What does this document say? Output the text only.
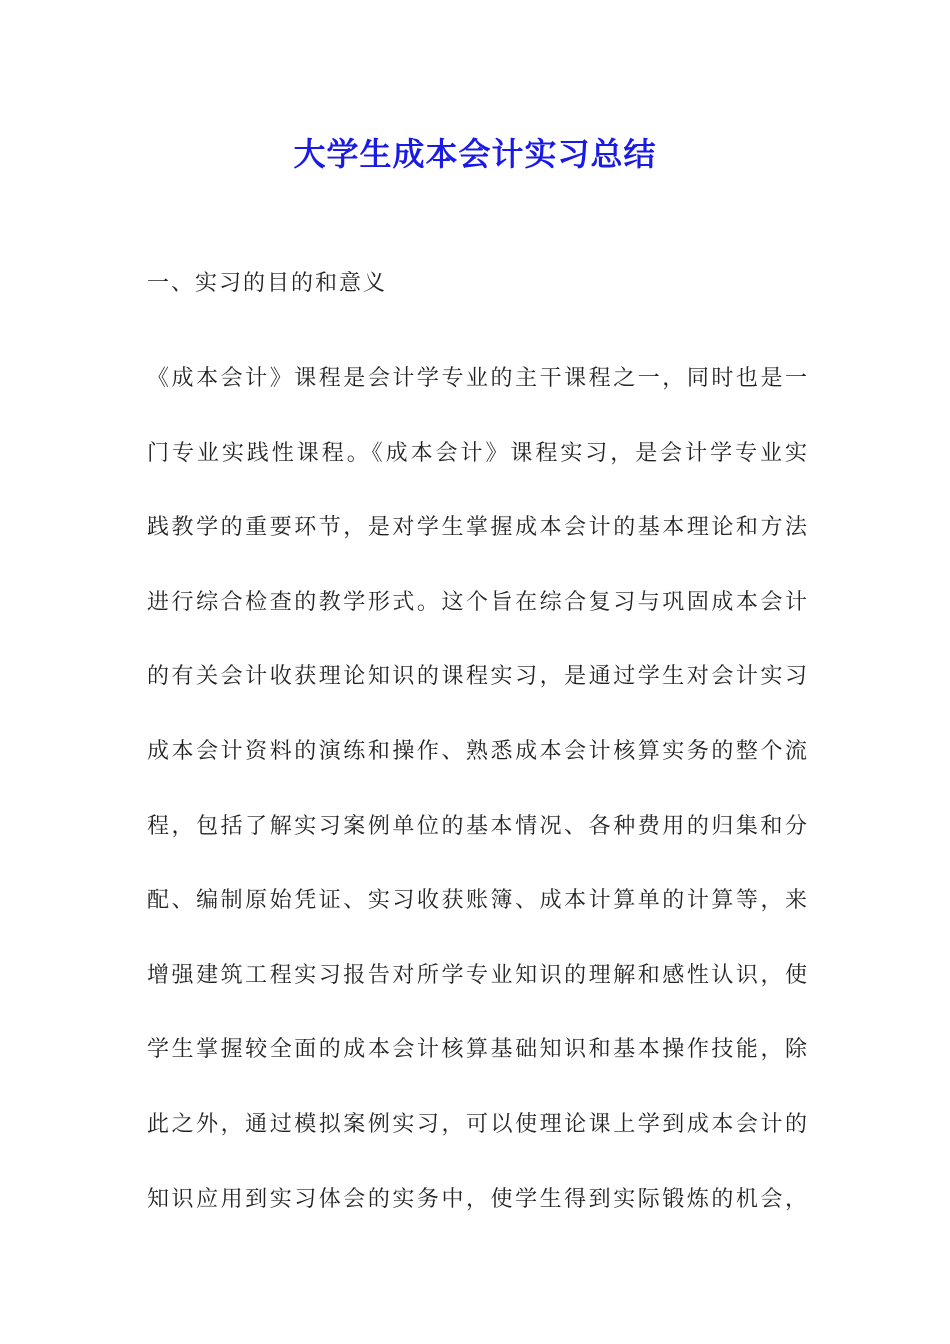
大学生成本会计实习总结
一、实习的目的和意义
《成本会计》课程是会计学专业的主干课程之一，同时也是一
门专业实践性课程。《成本会计》课程实习，是会计学专业实
践教学的重要环节，是对学生掌握成本会计的基本理论和方法
进行综合检查的教学形式。这个旨在综合复习与巩固成本会计
的有关会计收获理论知识的课程实习，是通过学生对会计实习
成本会计资料的演练和操作、熟悉成本会计核算实务的整个流
程，包括了解实习案例单位的基本情况、各种费用的归集和分
配、编制原始凭证、实习收获账簿、成本计算单的计算等，来
增强建筑工程实习报告对所学专业知识的理解和感性认识，使
学生掌握较全面的成本会计核算基础知识和基本操作技能，除
此之外，通过模拟案例实习，可以使理论课上学到成本会计的
知识应用到实习体会的实务中，使学生得到实际锻炼的机会，
